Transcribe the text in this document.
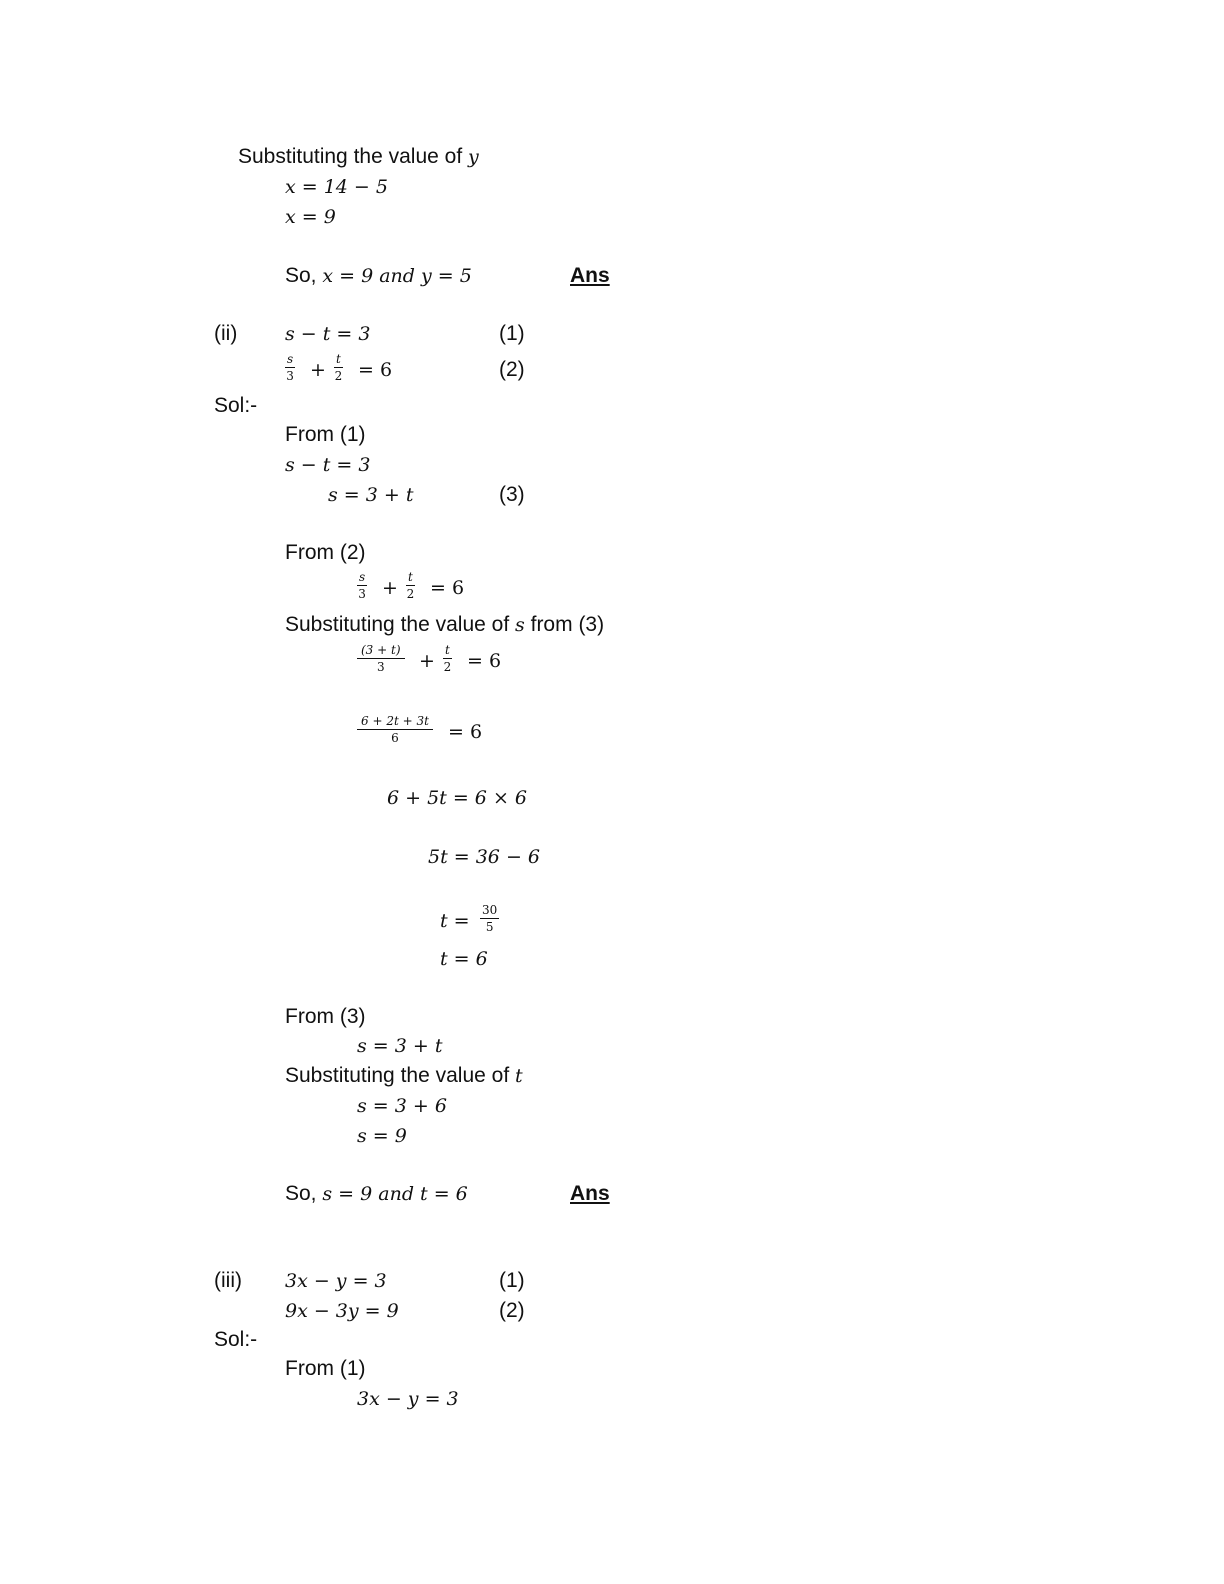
Substituting the value of y
x = 14 − 5
x = 9
So, x = 9 and y = 5	Ans
(ii)	s − t = 3	(1)
$\frac{s}{3} + \frac{t}{2} = 6$	(2)
Sol:-
From (1)
s − t = 3
s = 3 + t	(3)
From (2)
$\frac{s}{3} + \frac{t}{2} = 6$
Substituting the value of s from (3)
$\frac{(3 + t)}{3} + \frac{t}{2} = 6$
$\frac{6 + 2t + 3t}{6} = 6$
6 + 5t = 6 × 6
5t = 36 − 6
$t = \frac{30}{5}$
t = 6
From (3)
s = 3 + t
Substituting the value of t
s = 3 + 6
s = 9
So, s = 9 and t = 6	Ans
(iii) 3x − y = 3	(1)
9x − 3y = 9	(2)
Sol:-
From (1)
3x − y = 3
